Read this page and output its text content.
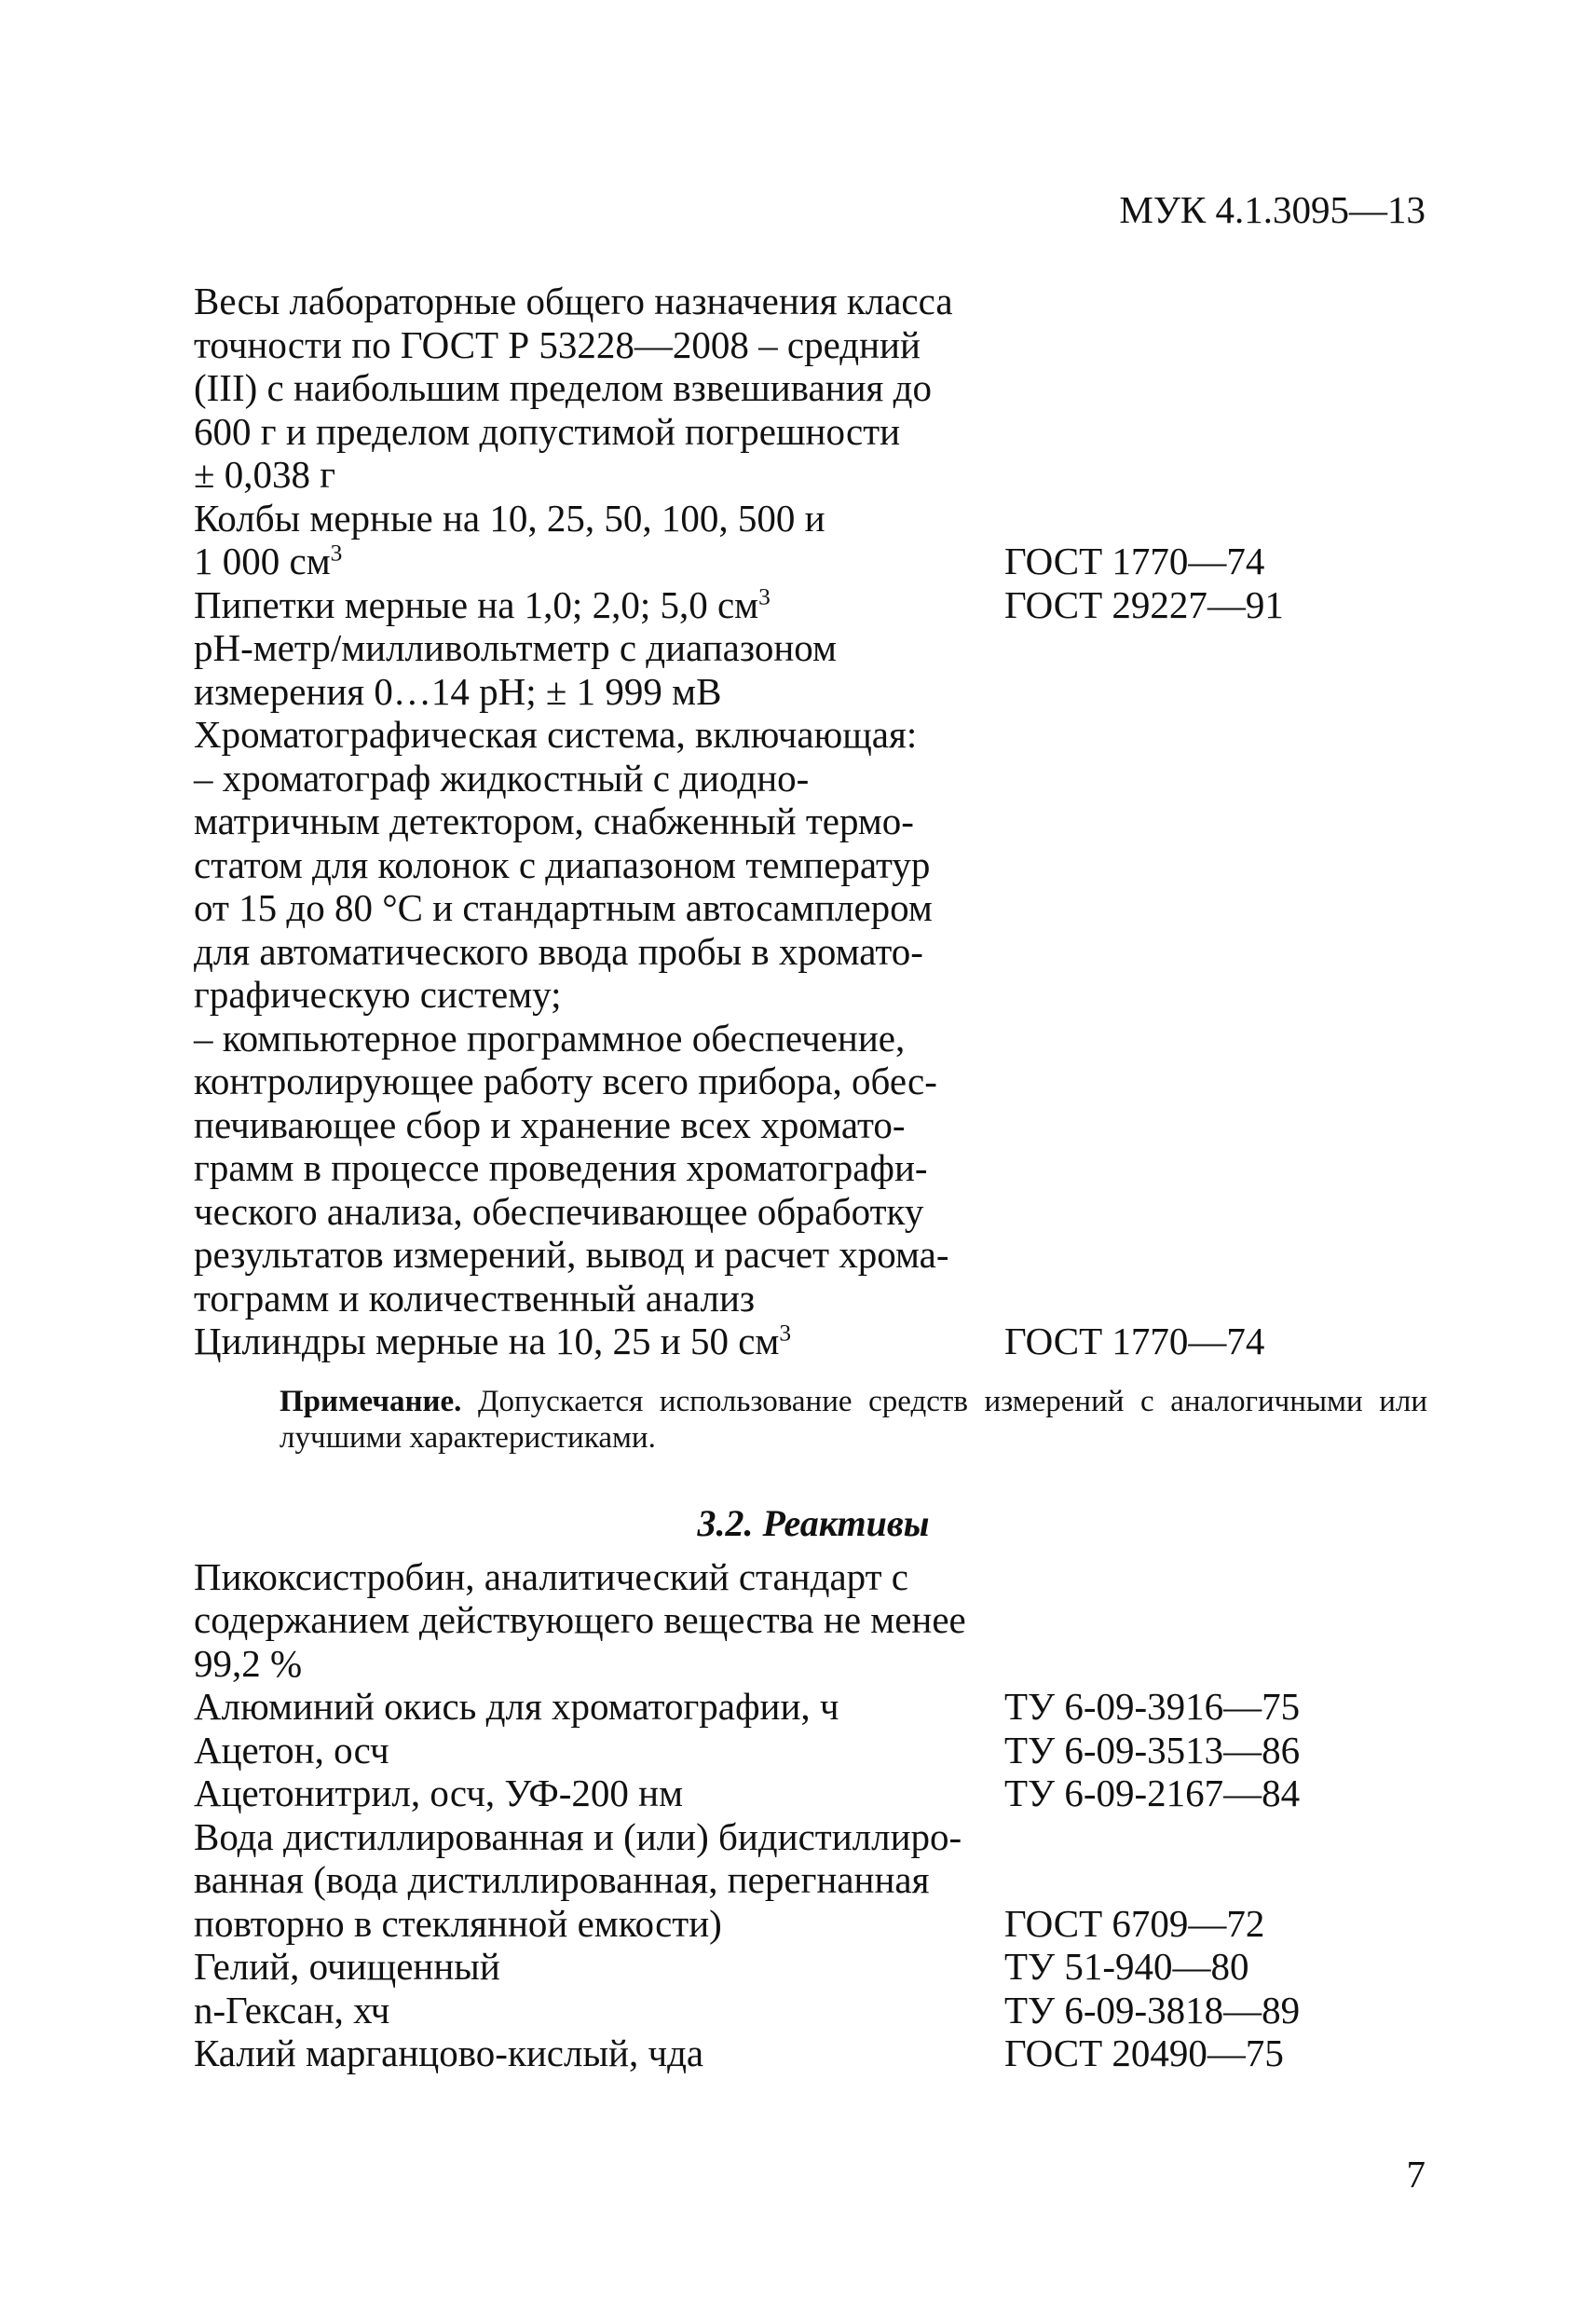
МУК 4.1.3095—13
Весы лабораторные общего назначения класса
точности по ГОСТ Р 53228—2008 – средний
(III) с наибольшим пределом взвешивания до
600 г и пределом допустимой погрешности
± 0,038 г
Колбы мерные на 10, 25, 50, 100, 500 и
1 000 $см^3$	ГОСТ 1770—74
Пипетки мерные на 1,0; 2,0; 5,0 $см^3$	ГОСТ 29227—91
pH-метр/милливольтметр с диапазоном
измерения 0…14 pH; ± 1 999 мВ
Хроматографическая система, включающая:
– хроматограф жидкостный с диодно-
матричным детектором, снабженный термо-
статом для колонок с диапазоном температур
от 15 до 80 °С и стандартным автосамплером
для автоматического ввода пробы в хромато-
графическую систему;
– компьютерное программное обеспечение,
контролирующее работу всего прибора, обес-
печивающее сбор и хранение всех хромато-
грамм в процессе проведения хроматографи-
ческого анализа, обеспечивающее обработку
результатов измерений, вывод и расчет хрома-
тограмм и количественный анализ
Цилиндры мерные на 10, 25 и 50 $см^3$	ГОСТ 1770—74
Примечание. Допускается использование средств измерений с аналогичными или лучшими характеристиками.
3.2. Реактивы
Пикоксистробин, аналитический стандарт с
содержанием действующего вещества не менее
99,2 %
Алюминий окись для хроматографии, ч	ТУ 6-09-3916—75
Ацетон, осч	ТУ 6-09-3513—86
Ацетонитрил, осч, УФ-200 нм	ТУ 6-09-2167—84
Вода дистиллированная и (или) бидистиллиро-
ванная (вода дистиллированная, перегнанная
повторно в стеклянной емкости)	ГОСТ 6709—72
Гелий, очищенный	ТУ 51-940—80
n-Гексан, хч	ТУ 6-09-3818—89
Калий марганцово-кислый, чда	ГОСТ 20490—75
7
